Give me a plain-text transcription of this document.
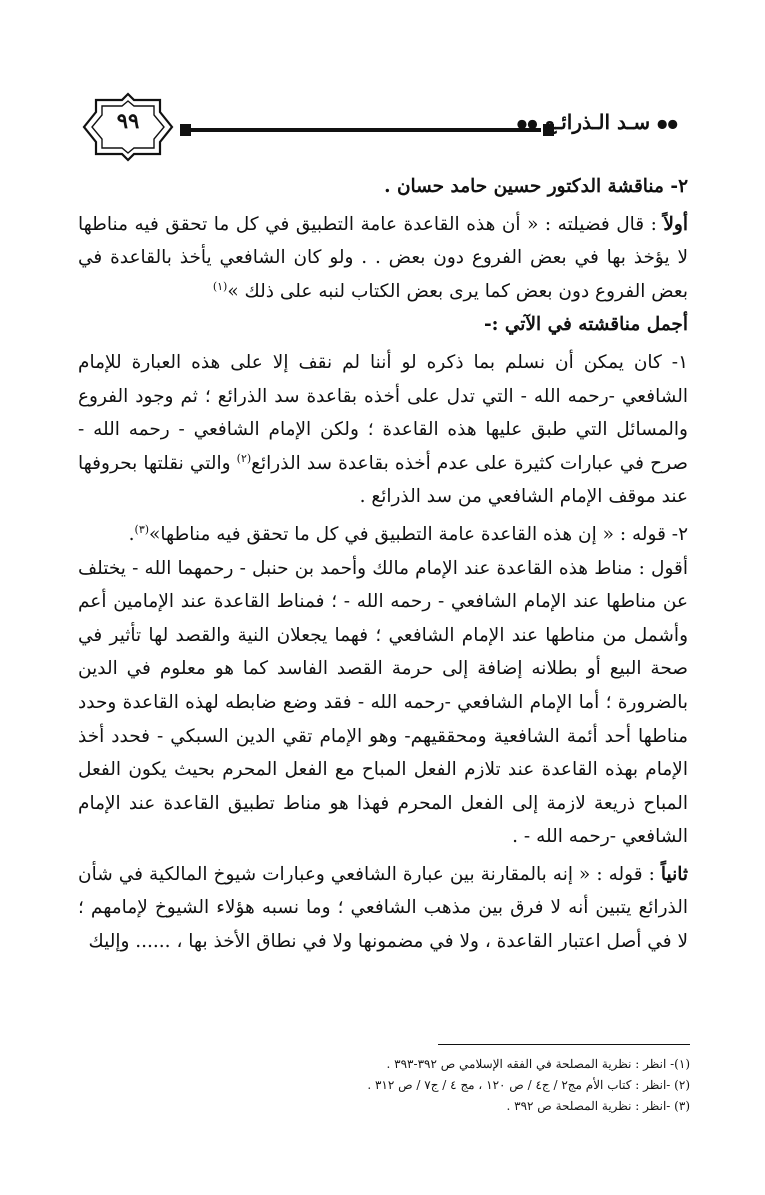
٩٩	●● سـد الـذرائـع ●●

٢- مناقشة الدكتور حسين حامد حسان .

أولاً : قال فضيلته : « أن هذه القاعدة عامة التطبيق في كل ما تحقق فيه مناطها لا يؤخذ بها في بعض الفروع دون بعض . . ولو كان الشافعي يأخذ بالقاعدة في بعض الفروع دون بعض كما يرى بعض الكتاب لنبه على ذلك »$^{(١)}$

أجمل مناقشته في الآتي :-

١- كان يمكن أن نسلم بما ذكره لو أننا لم نقف إلا على هذه العبارة للإمام الشافعي -رحمه الله - التي تدل على أخذه بقاعدة سد الذرائع ؛ ثم وجود الفروع والمسائل التي طبق عليها هذه القاعدة ؛ ولكن الإمام الشافعي - رحمه الله - صرح في عبارات كثيرة على عدم أخذه بقاعدة سد الذرائع$^{(٢)}$ والتي نقلتها بحروفها عند موقف الإمام الشافعي من سد الذرائع .

٢- قوله : « إن هذه القاعدة عامة التطبيق في كل ما تحقق فيه مناطها»$^{(٣)}$.

أقول : مناط هذه القاعدة عند الإمام مالك وأحمد بن حنبل - رحمهما الله - يختلف عن مناطها عند الإمام الشافعي - رحمه الله - ؛ فمناط القاعدة عند الإمامين أعم وأشمل من مناطها عند الإمام الشافعي ؛ فهما يجعلان النية والقصد لها تأثير في صحة البيع أو بطلانه إضافة إلى حرمة القصد الفاسد كما هو معلوم في الدين بالضرورة ؛ أما الإمام الشافعي -رحمه الله - فقد وضع ضابطه لهذه القاعدة وحدد مناطها أحد أئمة الشافعية ومحققيهم- وهو الإمام تقي الدين السبكي - فحدد أخذ الإمام بهذه القاعدة عند تلازم الفعل المباح مع الفعل المحرم بحيث يكون الفعل المباح ذريعة لازمة إلى الفعل المحرم فهذا هو مناط تطبيق القاعدة عند الإمام الشافعي -رحمه الله - .

ثانياً : قوله : « إنه بالمقارنة بين عبارة الشافعي وعبارات شيوخ المالكية في شأن الذرائع يتبين أنه لا فرق بين مذهب الشافعي ؛ وما نسبه هؤلاء الشيوخ لإمامهم ؛ لا في أصل اعتبار القاعدة ، ولا في مضمونها ولا في نطاق الأخذ بها ، ...... وإليك

(١)- انظر : نظرية المصلحة في الفقه الإسلامي ص ٣٩٢-٣٩٣ .

(٢) -انظر : كتاب الأم مج٢ / ج٤ / ص ١٢٠ ، مج ٤ / ج٧ / ص ٣١٢ .

(٣) -انظر : نظرية المصلحة ص ٣٩٢ .
